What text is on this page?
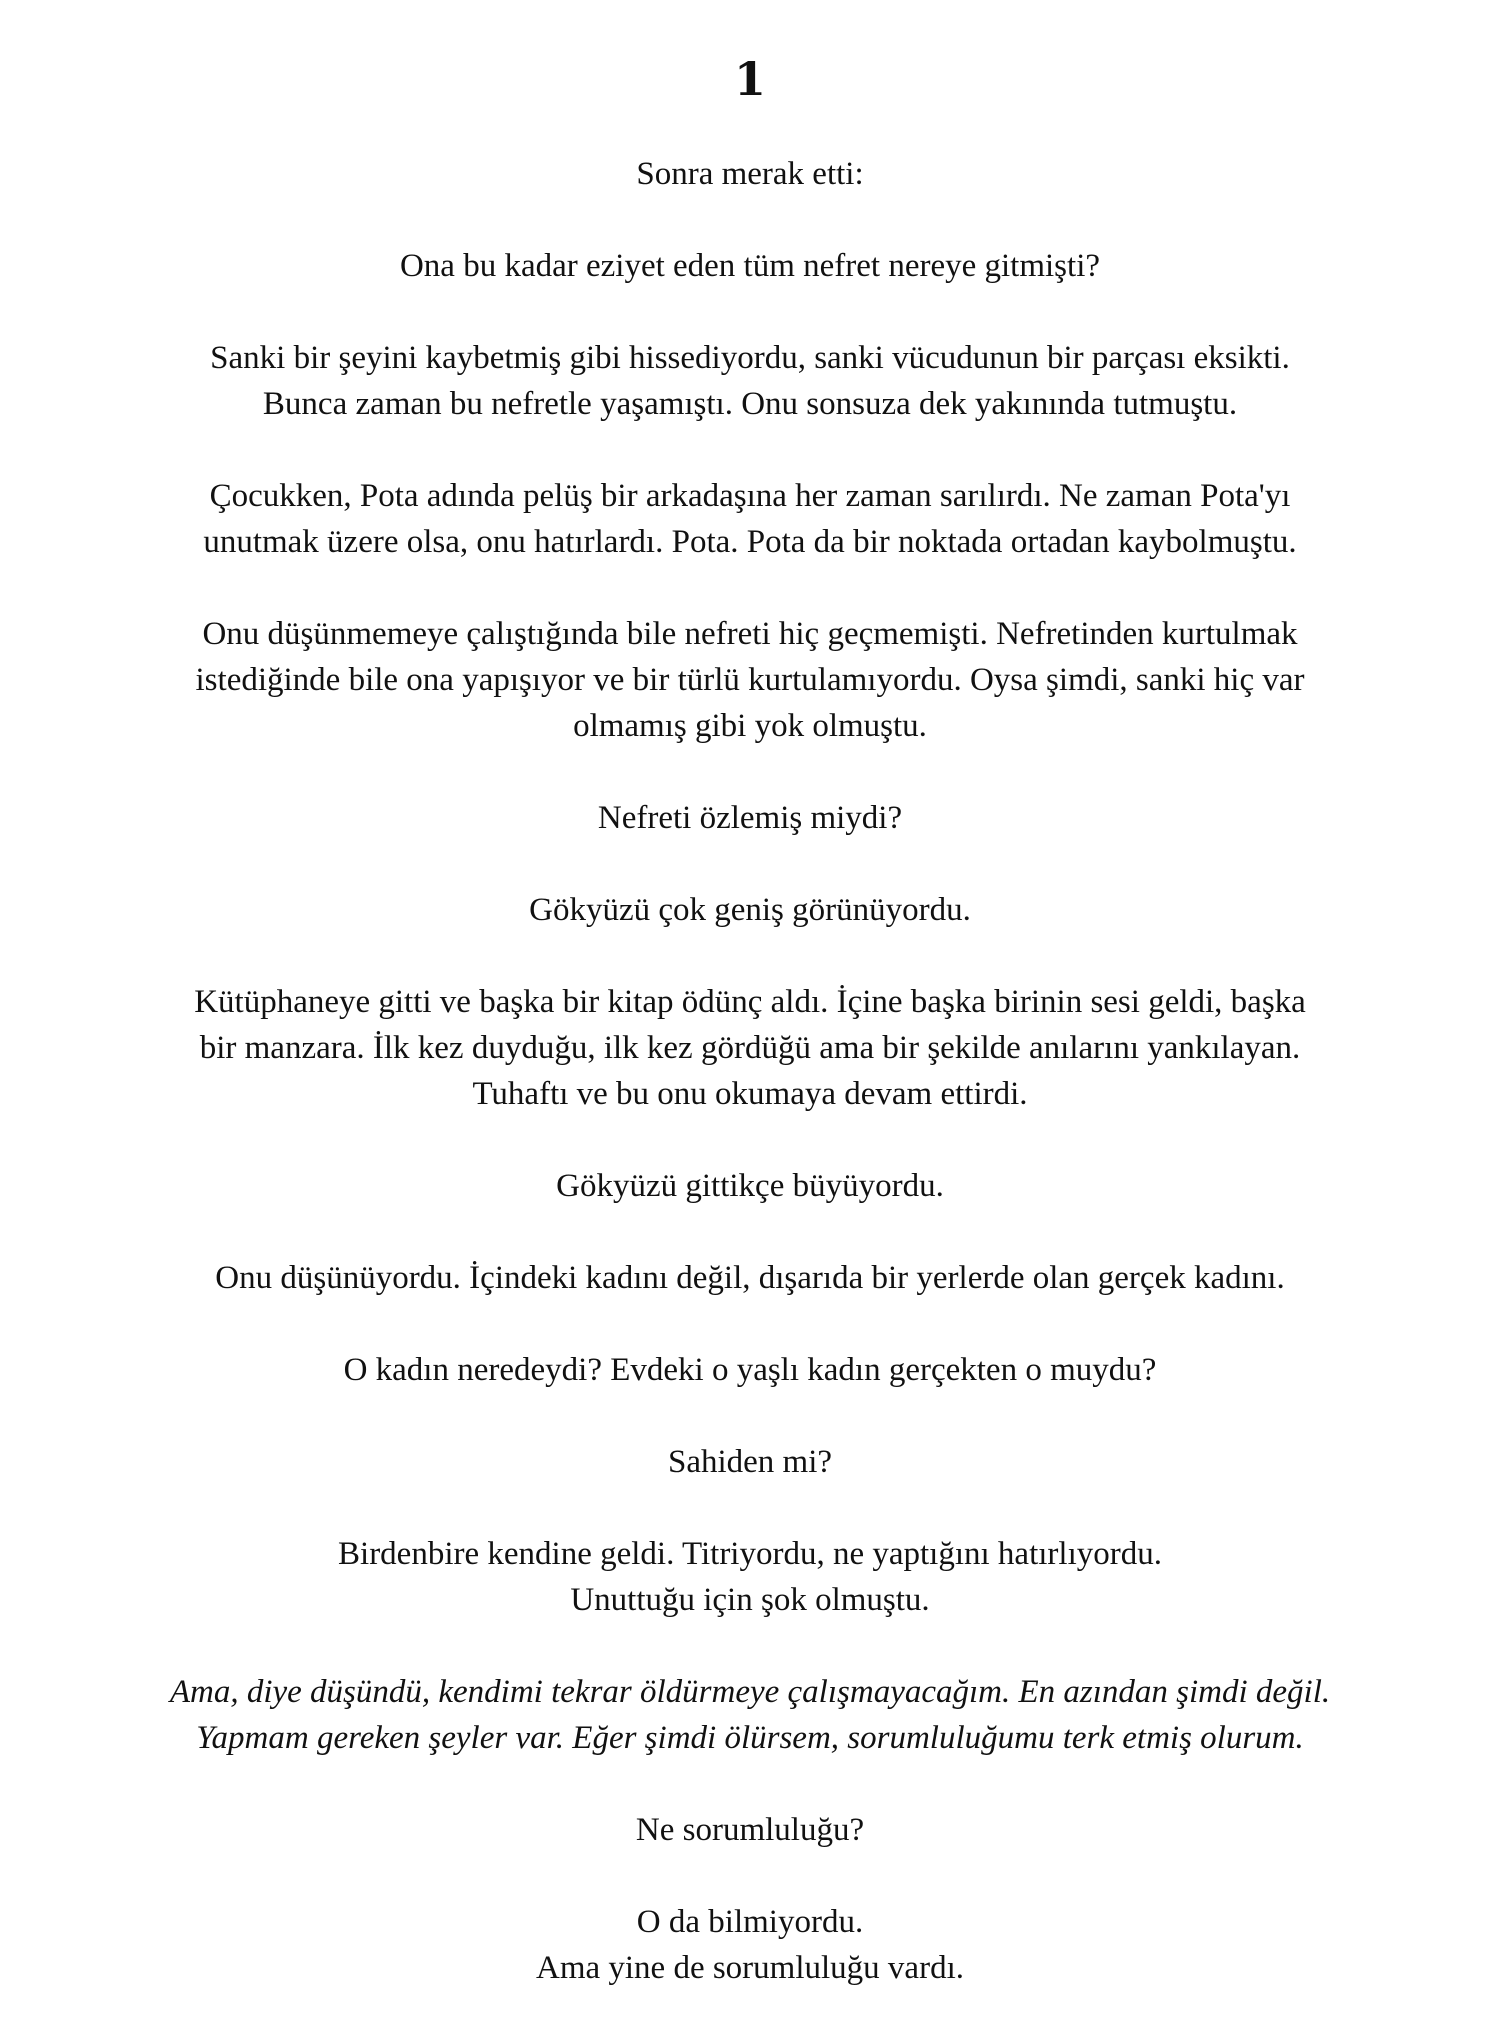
1

Sonra merak etti:

Ona bu kadar eziyet eden tüm nefret nereye gitmişti?

Sanki bir şeyini kaybetmiş gibi hissediyordu, sanki vücudunun bir parçası eksikti.
Bunca zaman bu nefretle yaşamıştı. Onu sonsuza dek yakınında tutmuştu.

Çocukken, Pota adında pelüş bir arkadaşına her zaman sarılırdı. Ne zaman Pota'yı
unutmak üzere olsa, onu hatırlardı. Pota. Pota da bir noktada ortadan kaybolmuştu.

Onu düşünmemeye çalıştığında bile nefreti hiç geçmemişti. Nefretinden kurtulmak
istediğinde bile ona yapışıyor ve bir türlü kurtulamıyordu. Oysa şimdi, sanki hiç var
olmamış gibi yok olmuştu.

Nefreti özlemiş miydi?

Gökyüzü çok geniş görünüyordu.

Kütüphaneye gitti ve başka bir kitap ödünç aldı. İçine başka birinin sesi geldi, başka
bir manzara. İlk kez duyduğu, ilk kez gördüğü ama bir şekilde anılarını yankılayan.
Tuhaftı ve bu onu okumaya devam ettirdi.

Gökyüzü gittikçe büyüyordu.

Onu düşünüyordu. İçindeki kadını değil, dışarıda bir yerlerde olan gerçek kadını.

O kadın neredeydi? Evdeki o yaşlı kadın gerçekten o muydu?

Sahiden mi?

Birdenbire kendine geldi. Titriyordu, ne yaptığını hatırlıyordu.
Unuttuğu için şok olmuştu.

Ama, diye düşündü, kendimi tekrar öldürmeye çalışmayacağım. En azından şimdi değil.
Yapmam gereken şeyler var. Eğer şimdi ölürsem, sorumluluğumu terk etmiş olurum.

Ne sorumluluğu?

O da bilmiyordu.
Ama yine de sorumluluğu vardı.
